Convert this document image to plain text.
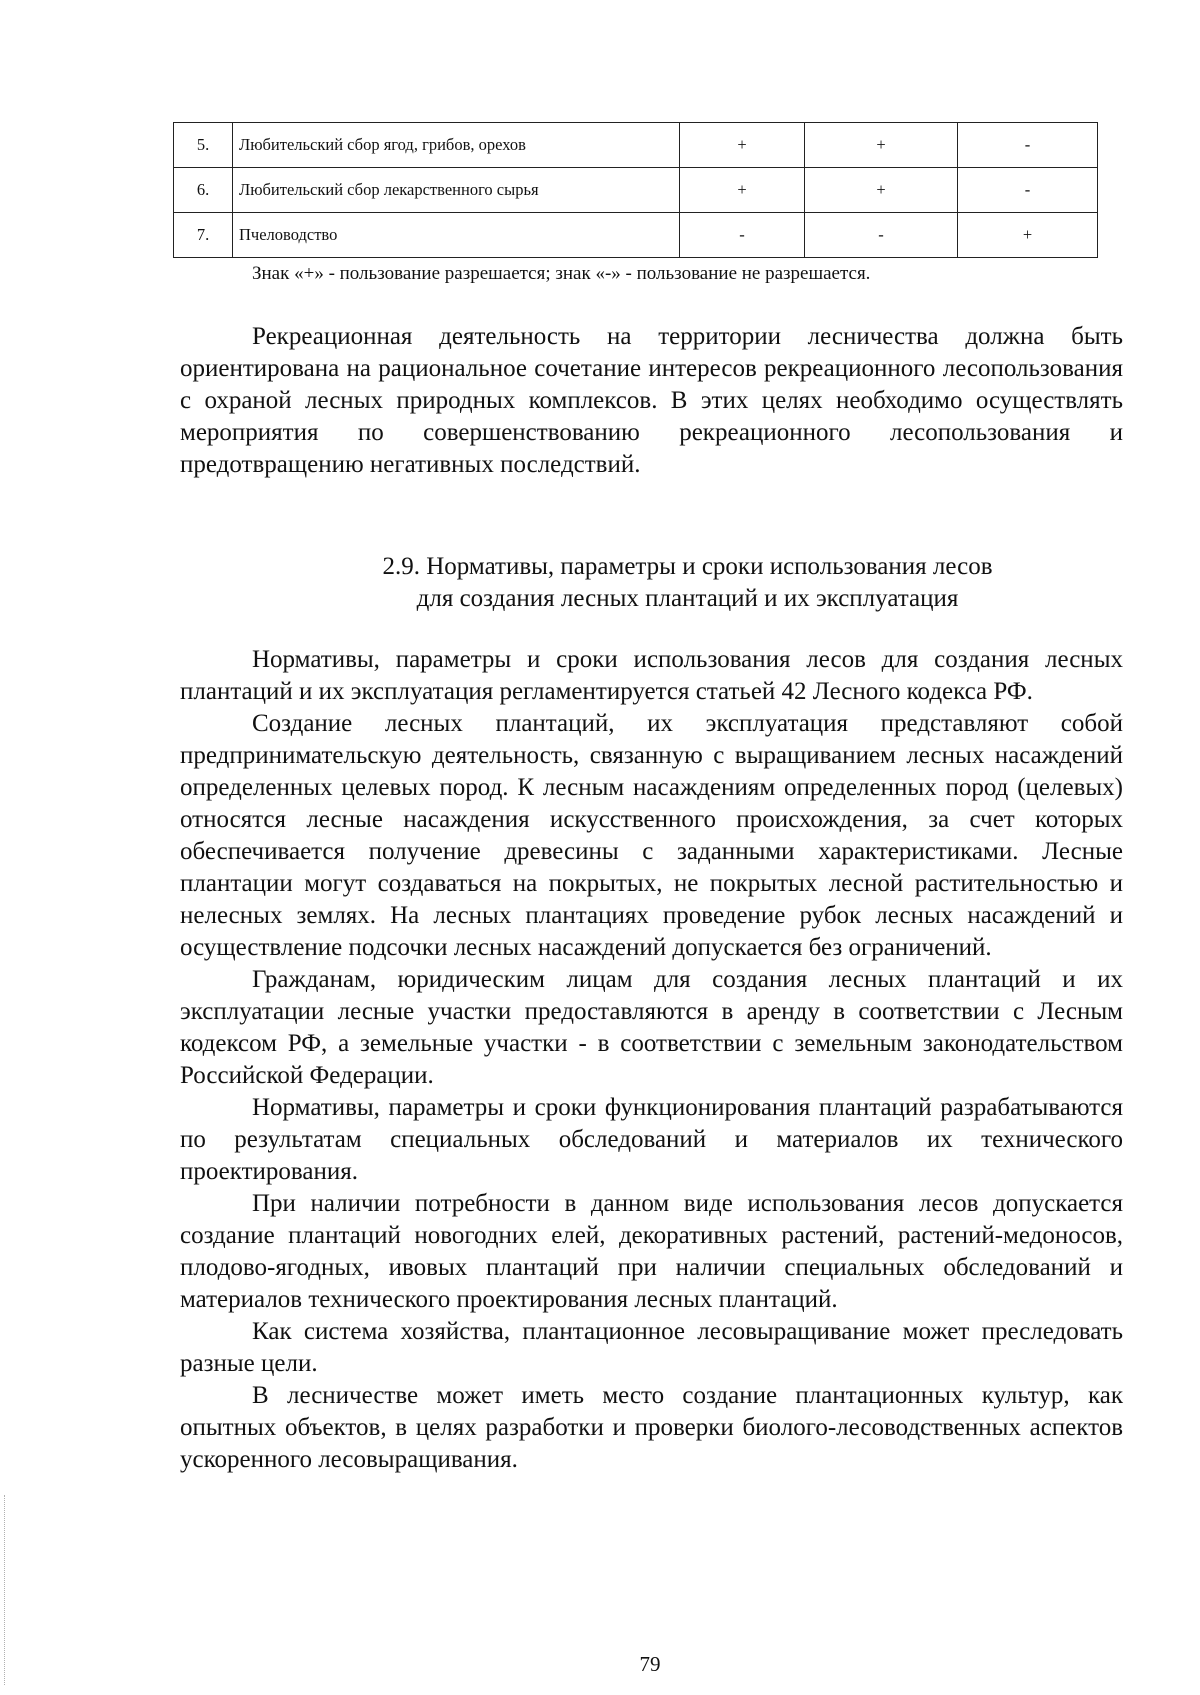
5.	Любительский сбор ягод, грибов, орехов	+	+	-
6.	Любительский сбор лекарственного сырья	+	+	-
7.	Пчеловодство	-	-	+
Знак «+» - пользование разрешается; знак «-» - пользование не разрешается.

Рекреационная деятельность на территории лесничества должна быть ориентирована на рациональное сочетание интересов рекреационного лесопользования с охраной лесных природных комплексов. В этих целях необходимо осуществлять мероприятия по совершенствованию рекреационного лесопользования и предотвращению негативных последствий.

2.9. Нормативы, параметры и сроки использования лесов
для создания лесных плантаций и их эксплуатация

Нормативы, параметры и сроки использования лесов для создания лесных плантаций и их эксплуатация регламентируется статьей 42 Лесного кодекса РФ.

Создание лесных плантаций, их эксплуатация представляют собой предпринимательскую деятельность, связанную с выращиванием лесных насаждений определенных целевых пород. К лесным насаждениям определенных пород (целевых) относятся лесные насаждения искусственного происхождения, за счет которых обеспечивается получение древесины с заданными характеристиками. Лесные плантации могут создаваться на покрытых, не покрытых лесной растительностью и нелесных землях. На лесных плантациях проведение рубок лесных насаждений и осуществление подсочки лесных насаждений допускается без ограничений.

Гражданам, юридическим лицам для создания лесных плантаций и их эксплуатации лесные участки предоставляются в аренду в соответствии с Лесным кодексом РФ, а земельные участки - в соответствии с земельным законодательством Российской Федерации.

Нормативы, параметры и сроки функционирования плантаций разрабатываются по результатам специальных обследований и материалов их технического проектирования.

При наличии потребности в данном виде использования лесов допускается создание плантаций новогодних елей, декоративных растений, растений-медоносов, плодово-ягодных, ивовых плантаций при наличии специальных обследований и материалов технического проектирования лесных плантаций.

Как система хозяйства, плантационное лесовыращивание может преследовать разные цели.

В лесничестве может иметь место создание плантационных культур, как опытных объектов, в целях разработки и проверки биолого-лесоводственных аспектов ускоренного лесовыращивания.

79
